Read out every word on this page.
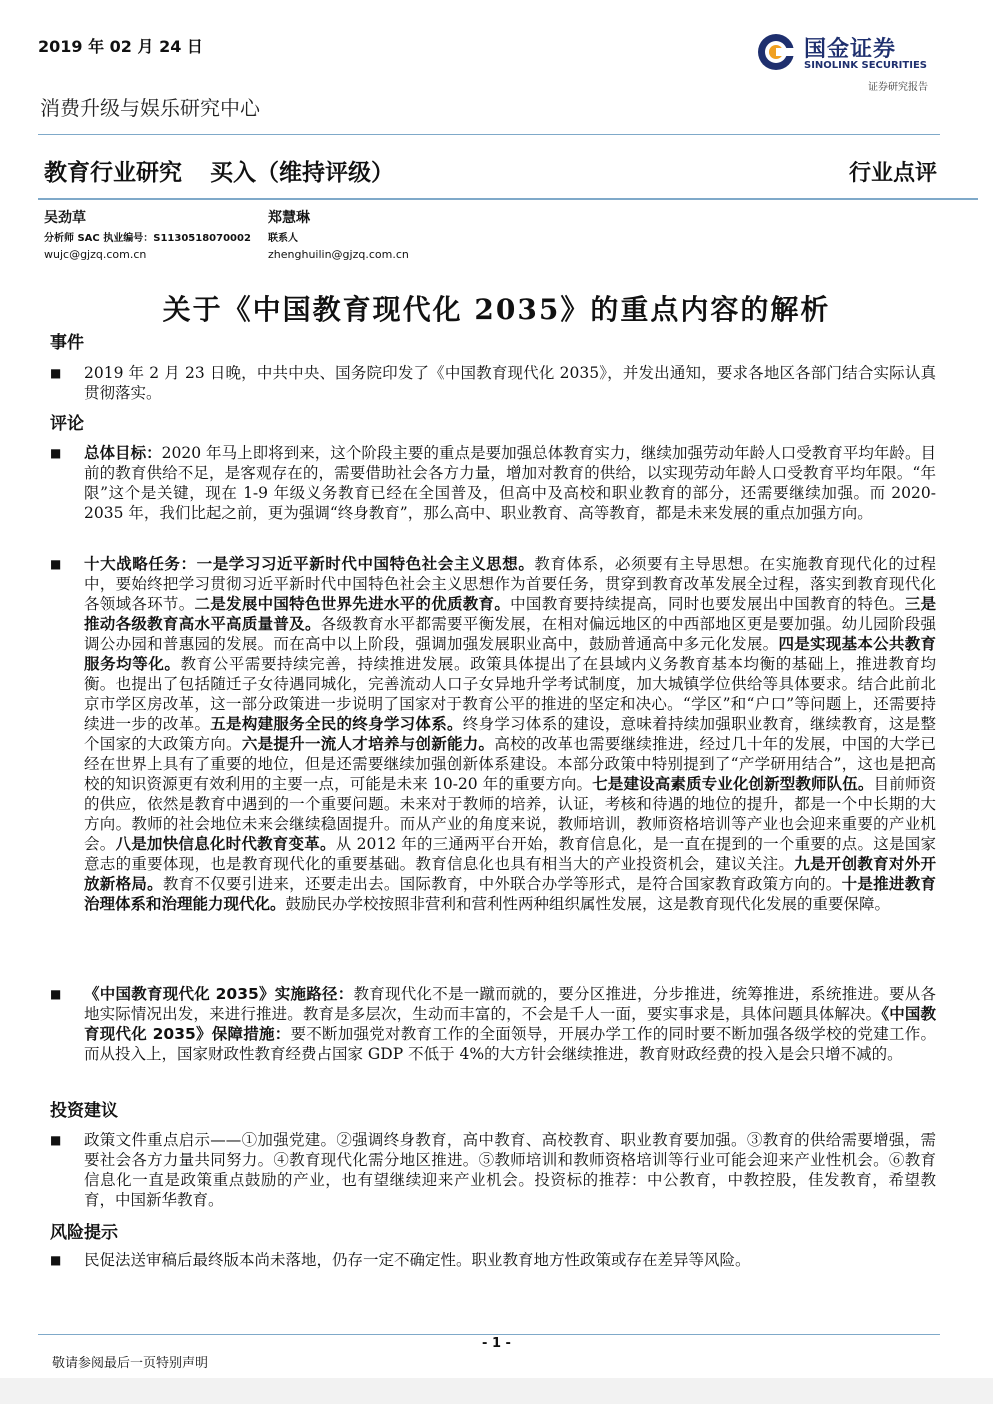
2019 年 02 月 24 日	国金证券
SINOLINK SECURITIES
证券研究报告
消费升级与娱乐研究中心
教育行业研究 买入（维持评级）	行业点评
吴劲草
分析师 SAC 执业编号：S1130518070002
wujc@gjzq.com.cn
郑慧琳
联系人
zhenghuilin@gjzq.com.cn
关于《中国教育现代化 2035》的重点内容的解析
事件
■ 2019 年 2 月 23 日晚，中共中央、国务院印发了《中国教育现代化 2035》，并发出通知，要求各地区各部门结合实际认真贯彻落实。
评论
■ 总体目标：2020 年马上即将到来，这个阶段主要的重点是要加强总体教育实力，继续加强劳动年龄人口受教育平均年龄。目前的教育供给不足，是客观存在的，需要借助社会各方力量，增加对教育的供给，以实现劳动年龄人口受教育平均年限。“年限”这个是关键，现在 1-9 年级义务教育已经在全国普及，但高中及高校和职业教育的部分，还需要继续加强。而 2020-2035 年，我们比起之前，更为强调“终身教育”，那么高中、职业教育、高等教育，都是未来发展的重点加强方向。
■ 十大战略任务：一是学习习近平新时代中国特色社会主义思想。教育体系，必须要有主导思想。在实施教育现代化的过程中，要始终把学习贯彻习近平新时代中国特色社会主义思想作为首要任务，贯穿到教育改革发展全过程，落实到教育现代化各领域各环节。二是发展中国特色世界先进水平的优质教育。中国教育要持续提高，同时也要发展出中国教育的特色。三是推动各级教育高水平高质量普及。各级教育水平都需要平衡发展，在相对偏远地区的中西部地区更是要加强。幼儿园阶段强调公办园和普惠园的发展。而在高中以上阶段，强调加强发展职业高中，鼓励普通高中多元化发展。四是实现基本公共教育服务均等化。教育公平需要持续完善，持续推进发展。政策具体提出了在县域内义务教育基本均衡的基础上，推进教育均衡。也提出了包括随迁子女待遇同城化，完善流动人口子女异地升学考试制度，加大城镇学位供给等具体要求。结合此前北京市学区房改革，这一部分政策进一步说明了国家对于教育公平的推进的坚定和决心。“学区”和“户口”等问题上，还需要持续进一步的改革。五是构建服务全民的终身学习体系。终身学习体系的建设，意味着持续加强职业教育，继续教育，这是整个国家的大政策方向。六是提升一流人才培养与创新能力。高校的改革也需要继续推进，经过几十年的发展，中国的大学已经在世界上具有了重要的地位，但是还需要继续加强创新体系建设。本部分政策中特别提到了“产学研用结合”，这也是把高校的知识资源更有效利用的主要一点，可能是未来 10-20 年的重要方向。七是建设高素质专业化创新型教师队伍。目前师资的供应，依然是教育中遇到的一个重要问题。未来对于教师的培养，认证，考核和待遇的地位的提升，都是一个中长期的大方向。教师的社会地位未来会继续稳固提升。而从产业的角度来说，教师培训，教师资格培训等产业也会迎来重要的产业机会。八是加快信息化时代教育变革。从 2012 年的三通两平台开始，教育信息化，是一直在提到的一个重要的点。这是国家意志的重要体现，也是教育现代化的重要基础。教育信息化也具有相当大的产业投资机会，建议关注。九是开创教育对外开放新格局。教育不仅要引进来，还要走出去。国际教育，中外联合办学等形式，是符合国家教育政策方向的。十是推进教育治理体系和治理能力现代化。鼓励民办学校按照非营利和营利性两种组织属性发展，这是教育现代化发展的重要保障。
■ 《中国教育现代化 2035》实施路径：教育现代化不是一蹴而就的，要分区推进，分步推进，统筹推进，系统推进。要从各地实际情况出发，来进行推进。教育是多层次，生动而丰富的，不会是千人一面，要实事求是，具体问题具体解决。《中国教育现代化 2035》保障措施：要不断加强党对教育工作的全面领导，开展办学工作的同时要不断加强各级学校的党建工作。而从投入上，国家财政性教育经费占国家 GDP 不低于 4%的大方针会继续推进，教育财政经费的投入是会只增不减的。
投资建议
■ 政策文件重点启示——①加强党建。②强调终身教育，高中教育、高校教育、职业教育要加强。③教育的供给需要增强，需要社会各方力量共同努力。④教育现代化需分地区推进。⑤教师培训和教师资格培训等行业可能会迎来产业性机会。⑥教育信息化一直是政策重点鼓励的产业，也有望继续迎来产业机会。投资标的推荐：中公教育，中教控股，佳发教育，希望教育，中国新华教育。
风险提示
■ 民促法送审稿后最终版本尚未落地，仍存一定不确定性。职业教育地方性政策或存在差异等风险。
- 1 -
敬请参阅最后一页特别声明
